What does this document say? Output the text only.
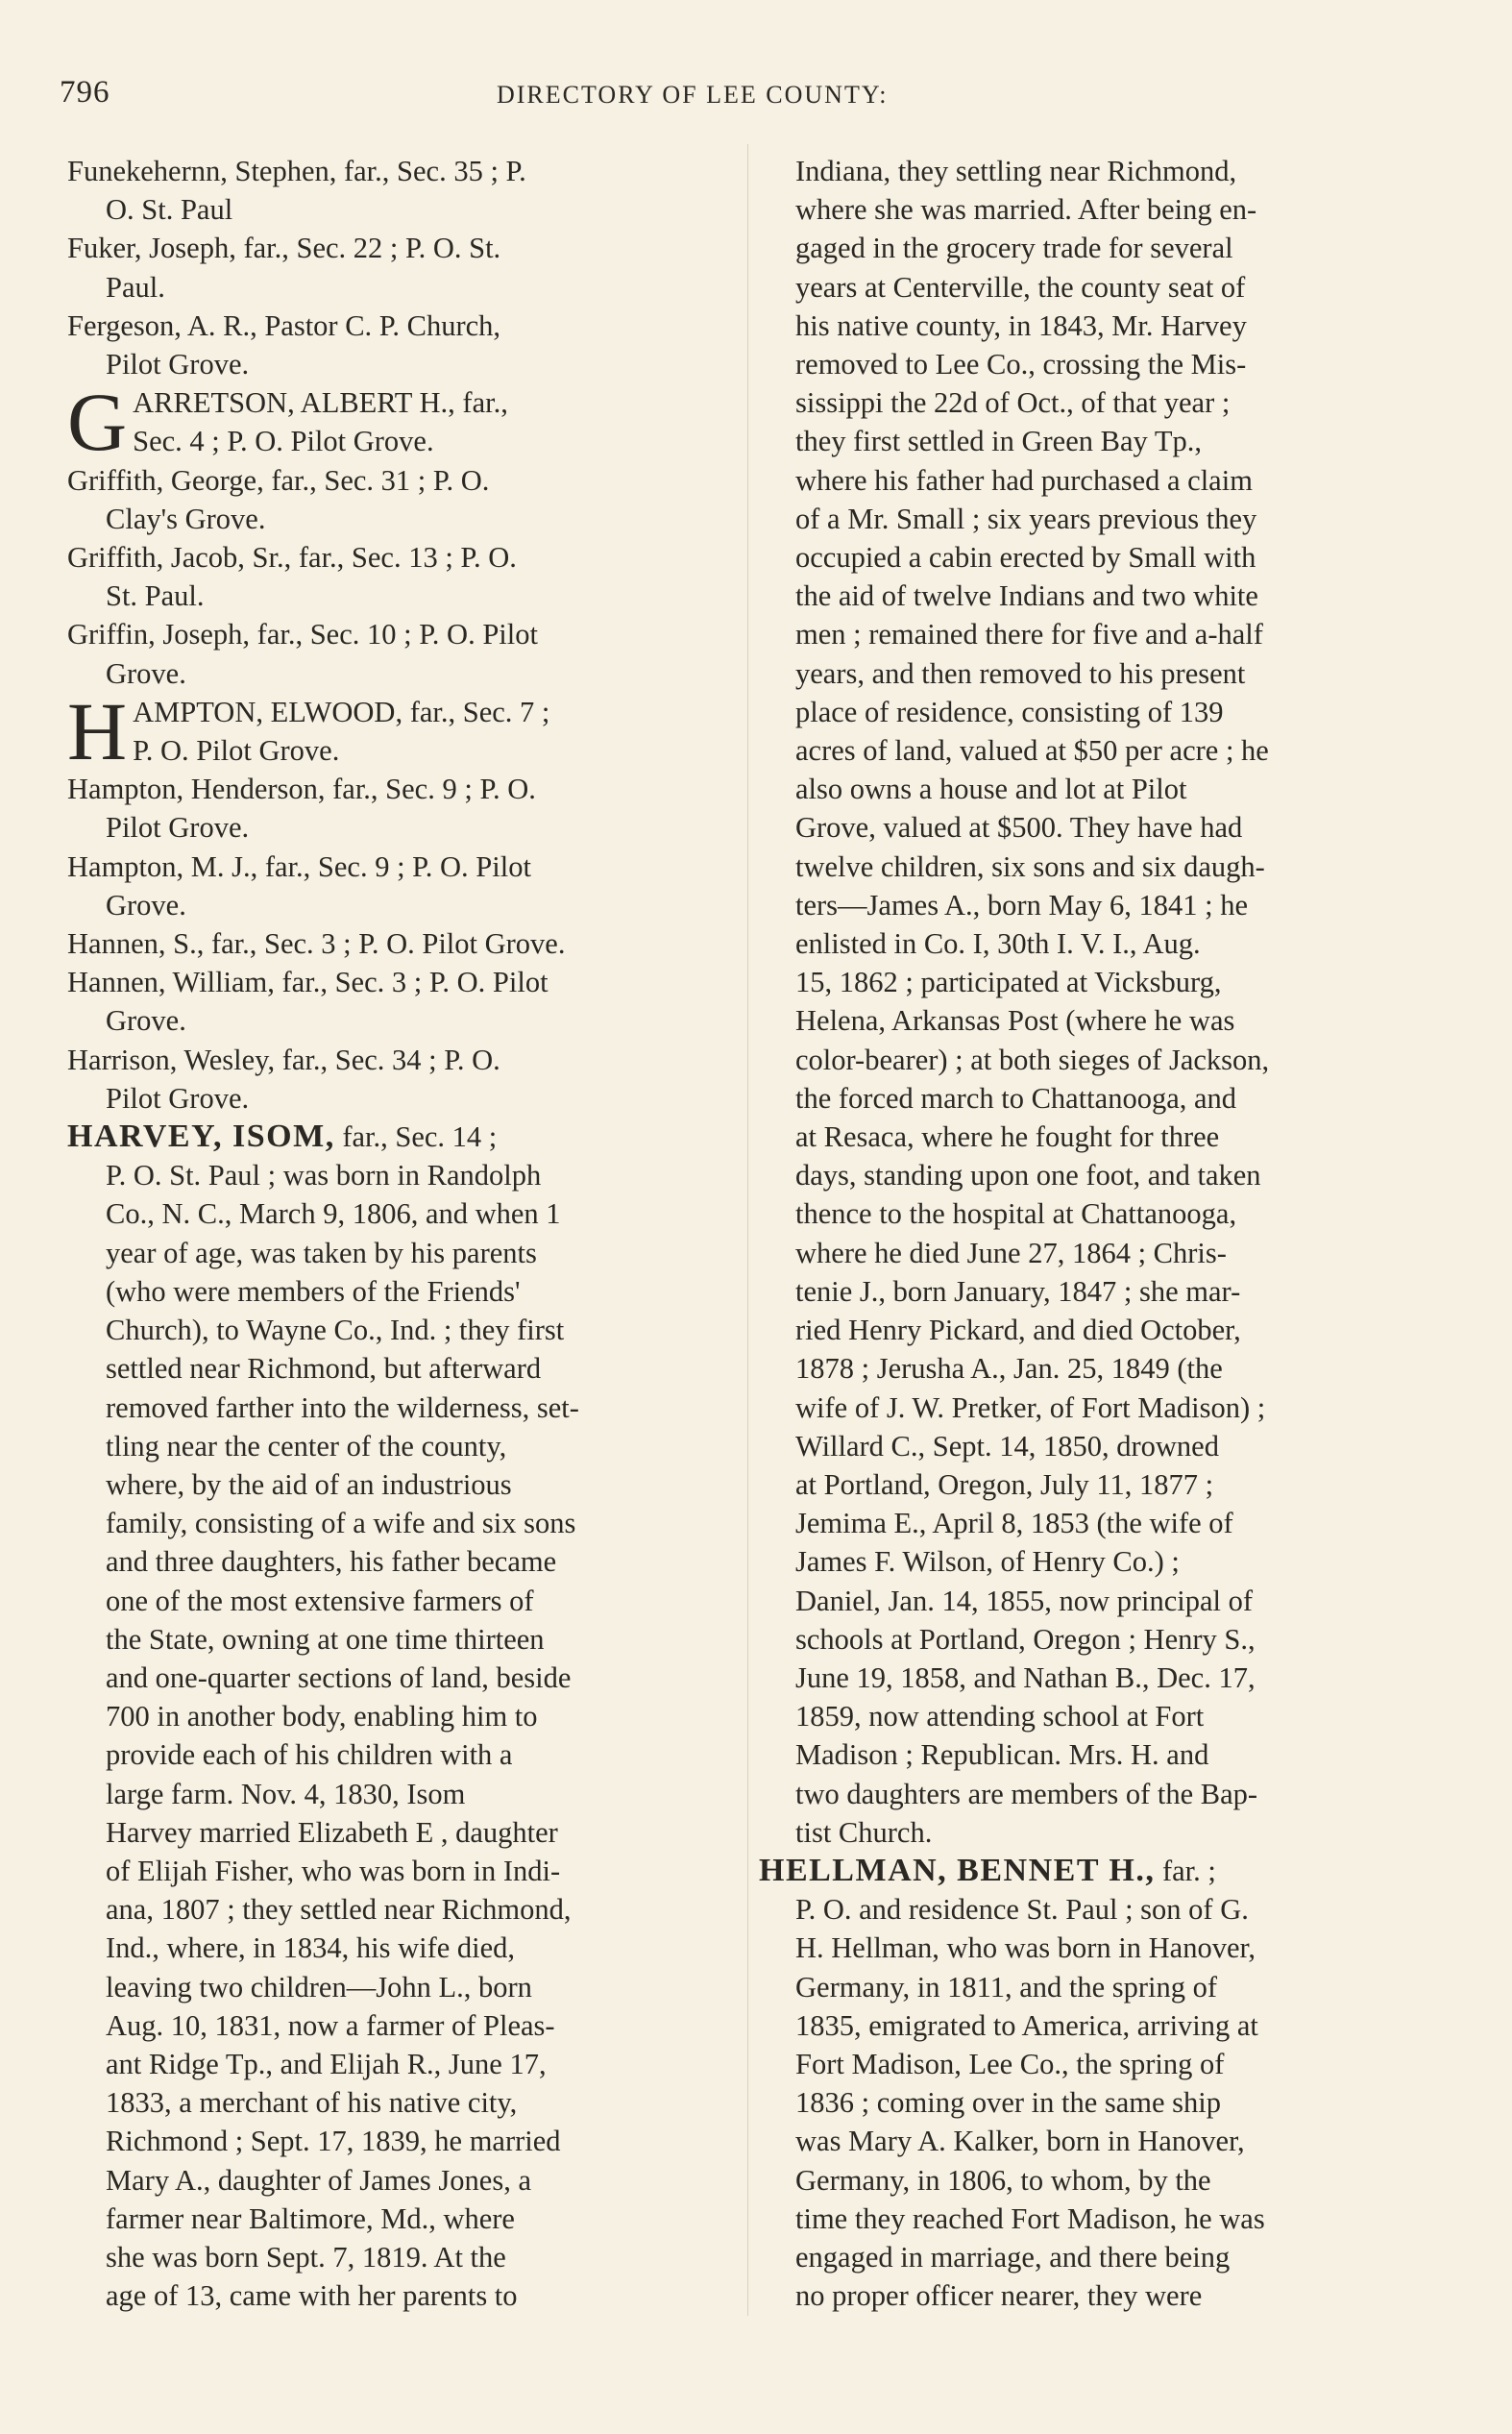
796	DIRECTORY OF LEE COUNTY:

Funekehernn, Stephen, far., Sec. 35 ; P.
O. St. Paul

Fuker, Joseph, far., Sec. 22 ; P. O. St.
Paul.

Fergeson, A. R., Pastor C. P. Church,
Pilot Grove.

G ARRETSON, ALBERT H., far.,
Sec. 4 ; P. O. Pilot Grove.

Griffith, George, far., Sec. 31 ; P. O.
Clay's Grove.

Griffith, Jacob, Sr., far., Sec. 13 ; P. O.
St. Paul.

Griffin, Joseph, far., Sec. 10 ; P. O. Pilot
Grove.

H AMPTON, ELWOOD, far., Sec. 7 ;
P. O. Pilot Grove.

Hampton, Henderson, far., Sec. 9 ; P. O.
Pilot Grove.

Hampton, M. J., far., Sec. 9 ; P. O. Pilot
Grove.

Hannen, S., far., Sec. 3 ; P. O. Pilot Grove.

Hannen, William, far., Sec. 3 ; P. O. Pilot
Grove.

Harrison, Wesley, far., Sec. 34 ; P. O.
Pilot Grove.

HARVEY, ISOM, far., Sec. 14 ;
P. O. St. Paul ; was born in Randolph
Co., N. C., March 9, 1806, and when 1
year of age, was taken by his parents
(who were members of the Friends'
Church), to Wayne Co., Ind. ; they first
settled near Richmond, but afterward
removed farther into the wilderness, set-
tling near the center of the county,
where, by the aid of an industrious
family, consisting of a wife and six sons
and three daughters, his father became
one of the most extensive farmers of
the State, owning at one time thirteen
and one-quarter sections of land, beside
700 in another body, enabling him to
provide each of his children with a
large farm. Nov. 4, 1830, Isom
Harvey married Elizabeth E , daughter
of Elijah Fisher, who was born in Indi-
ana, 1807 ; they settled near Richmond,
Ind., where, in 1834, his wife died,
leaving two children—John L., born
Aug. 10, 1831, now a farmer of Pleas-
ant Ridge Tp., and Elijah R., June 17,
1833, a merchant of his native city,
Richmond ; Sept. 17, 1839, he married
Mary A., daughter of James Jones, a
farmer near Baltimore, Md., where
she was born Sept. 7, 1819. At the
age of 13, came with her parents to
Indiana, they settling near Richmond,
where she was married. After being en-
gaged in the grocery trade for several
years at Centerville, the county seat of
his native county, in 1843, Mr. Harvey
removed to Lee Co., crossing the Mis-
sissippi the 22d of Oct., of that year ;
they first settled in Green Bay Tp.,
where his father had purchased a claim
of a Mr. Small ; six years previous they
occupied a cabin erected by Small with
the aid of twelve Indians and two white
men ; remained there for five and a-half
years, and then removed to his present
place of residence, consisting of 139
acres of land, valued at $50 per acre ; he
also owns a house and lot at Pilot
Grove, valued at $500. They have had
twelve children, six sons and six daugh-
ters—James A., born May 6, 1841 ; he
enlisted in Co. I, 30th I. V. I., Aug.
15, 1862 ; participated at Vicksburg,
Helena, Arkansas Post (where he was
color-bearer) ; at both sieges of Jackson,
the forced march to Chattanooga, and
at Resaca, where he fought for three
days, standing upon one foot, and taken
thence to the hospital at Chattanooga,
where he died June 27, 1864 ; Chris-
tenie J., born January, 1847 ; she mar-
ried Henry Pickard, and died October,
1878 ; Jerusha A., Jan. 25, 1849 (the
wife of J. W. Pretker, of Fort Madison) ;
Willard C., Sept. 14, 1850, drowned
at Portland, Oregon, July 11, 1877 ;
Jemima E., April 8, 1853 (the wife of
James F. Wilson, of Henry Co.) ;
Daniel, Jan. 14, 1855, now principal of
schools at Portland, Oregon ; Henry S.,
June 19, 1858, and Nathan B., Dec. 17,
1859, now attending school at Fort
Madison ; Republican. Mrs. H. and
two daughters are members of the Bap-
tist Church.
HELLMAN, BENNET H., far. ;
P. O. and residence St. Paul ; son of G.
H. Hellman, who was born in Hanover,
Germany, in 1811, and the spring of
1835, emigrated to America, arriving at
Fort Madison, Lee Co., the spring of
1836 ; coming over in the same ship
was Mary A. Kalker, born in Hanover,
Germany, in 1806, to whom, by the
time they reached Fort Madison, he was
engaged in marriage, and there being
no proper officer nearer, they were
